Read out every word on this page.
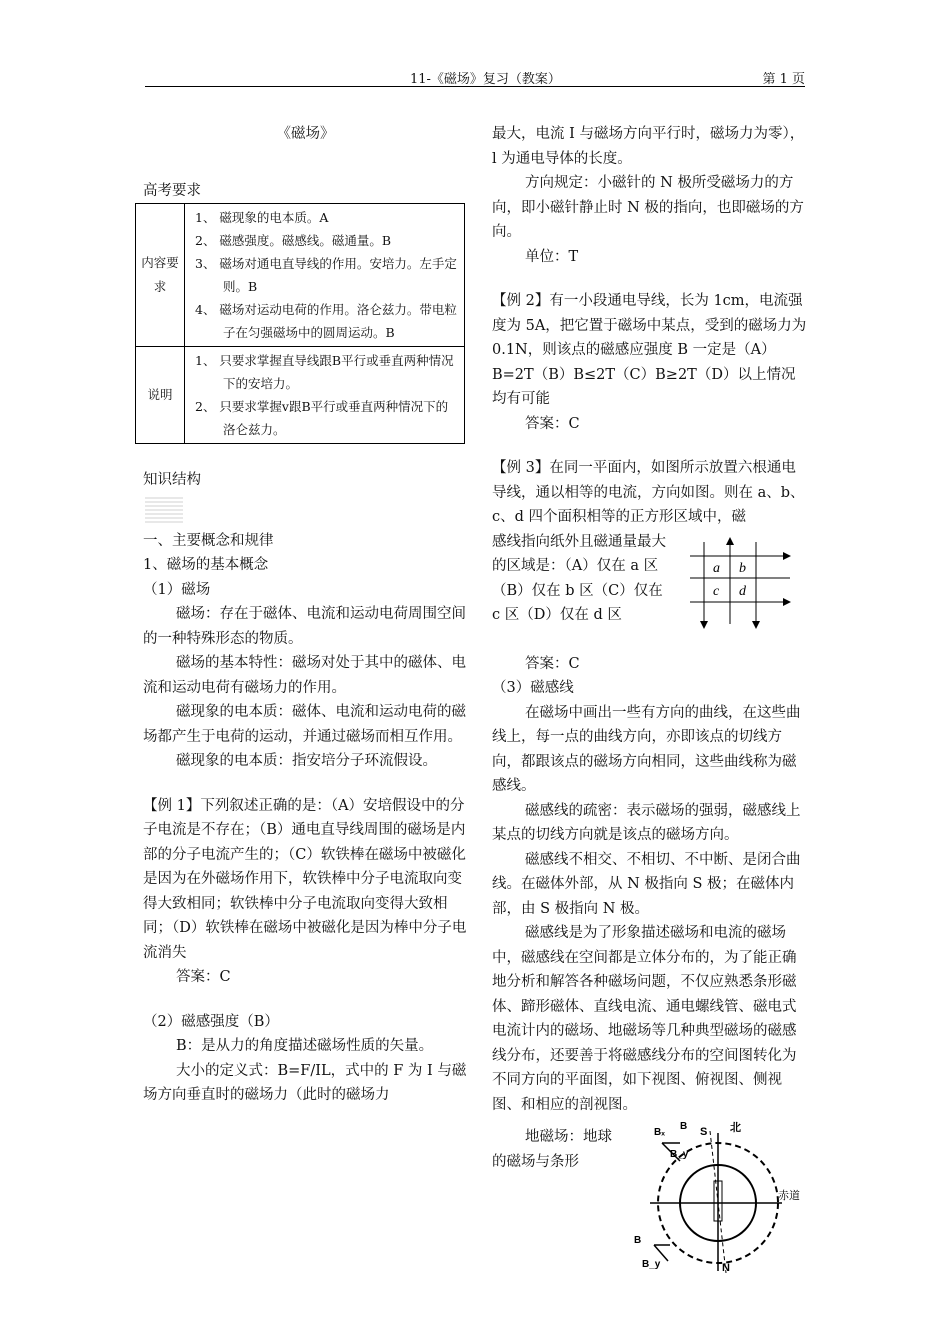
11-《磁场》复习（教案）	第 1 页

《磁场》

高考要求

内容要求	1、 磁现象的电本质。A
2、 磁感强度。磁感线。磁通量。B
3、 磁场对通电直导线的作用。安培力。左手定则。B
4、 磁场对运动电荷的作用。洛仑兹力。带电粒子在匀强磁场中的圆周运动。B

说明	1、 只要求掌握直导线跟B平行或垂直两种情况下的安培力。
2、 只要求掌握v跟B平行或垂直两种情况下的洛仑兹力。

知识结构

一、主要概念和规律

1、磁场的基本概念

（1）磁场

磁场：存在于磁体、电流和运动电荷周围空间的一种特殊形态的物质。

磁场的基本特性：磁场对处于其中的磁体、电流和运动电荷有磁场力的作用。

磁现象的电本质：磁体、电流和运动电荷的磁场都产生于电荷的运动，并通过磁场而相互作用。

磁现象的电本质：指安培分子环流假设。

【例 1】下列叙述正确的是：（A）安培假设中的分子电流是不存在；（B）通电直导线周围的磁场是内部的分子电流产生的；（C）软铁棒在磁场中被磁化是因为在外磁场作用下，软铁棒中分子电流取向变得大致相同；软铁棒中分子电流取向变得大致相同；（D）软铁棒在磁场中被磁化是因为棒中分子电流消失

答案：C

（2）磁感强度（B）

B：是从力的角度描述磁场性质的矢量。

大小的定义式：B=F/IL，式中的 F 为 I 与磁场方向垂直时的磁场力（此时的磁场力

最大，电流 I 与磁场方向平行时，磁场力为零），l 为通电导体的长度。

方向规定：小磁针的 N 极所受磁场力的方向，即小磁针静止时 N 极的指向，也即磁场的方向。

单位：T

【例 2】有一小段通电导线，长为 1cm，电流强度为 5A，把它置于磁场中某点，受到的磁场力为 0.1N，则该点的磁感应强度 B 一定是（A）B=2T（B）B≤2T（C）B≥2T（D）以上情况均有可能

答案：C

【例 3】在同一平面内，如图所示放置六根通电导线，通以相等的电流，方向如图。则在 a、b、c、d 四个面积相等的正方形区域中，磁

感线指向纸外且磁通量最大的区域是：（A）仅在 a 区（B）仅在 b 区（C）仅在 c 区（D）仅在 d 区

a b
c d

答案：C

（3）磁感线

在磁场中画出一些有方向的曲线，在这些曲线上，每一点的曲线方向，亦即该点的切线方向，都跟该点的磁场方向相同，这些曲线称为磁感线。

磁感线的疏密：表示磁场的强弱，磁感线上某点的切线方向就是该点的磁场方向。

磁感线不相交、不相切、不中断、是闭合曲线。在磁体外部，从 N 极指向 S 极；在磁体内部，由 S 极指向 N 极。

磁感线是为了形象描述磁场和电流的磁场中，磁感线在空间都是立体分布的，为了能正确地分析和解答各种磁场问题，不仅应熟悉条形磁体、蹄形磁体、直线电流、通电螺线管、磁电式电流计内的磁场、地磁场等几种典型磁场的磁感线分布，还要善于将磁感线分布的空间图转化为不同方向的平面图，如下视图、俯视图、侧视图、和相应的剖视图。

地磁场：地球的磁场与条形

S 北
N
赤道
B
Bₓ
B_y
B
B_y
